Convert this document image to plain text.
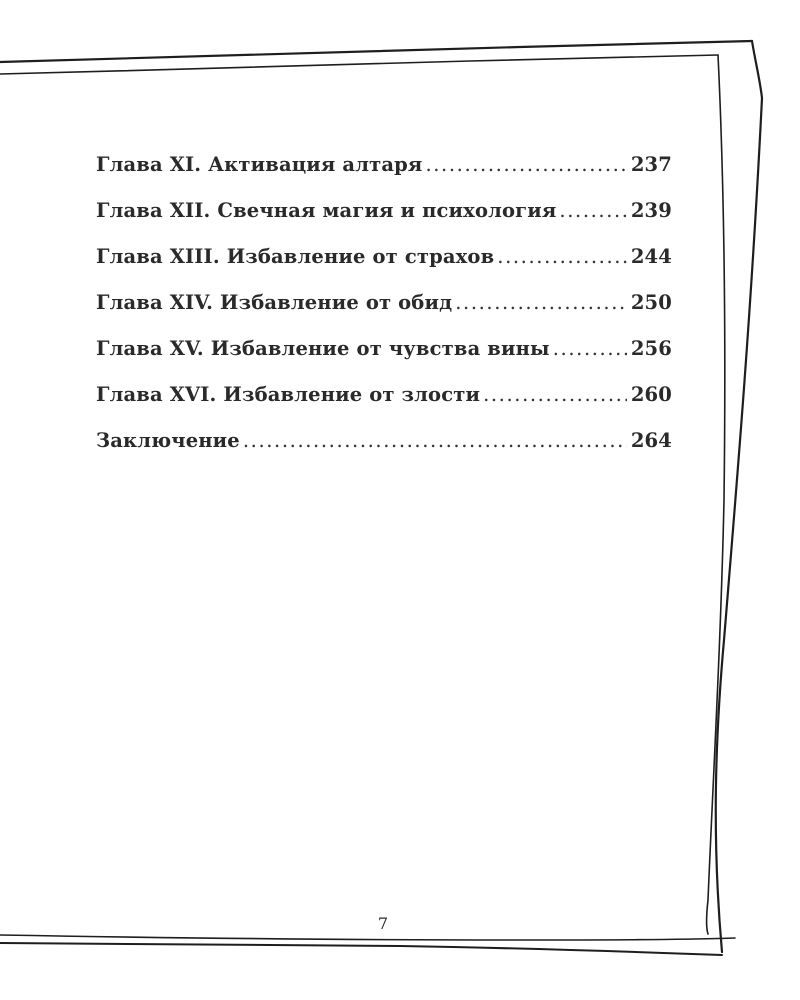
Глава XI. Активация алтаря .....	237
Глава XII. Свечная магия и психология .....	239
Глава XIII. Избавление от страхов .....	244
Глава XIV. Избавление от обид .....	250
Глава XV. Избавление от чувства вины .....	256
Глава XVI. Избавление от злости .....	260
Заключение .....	264
7
